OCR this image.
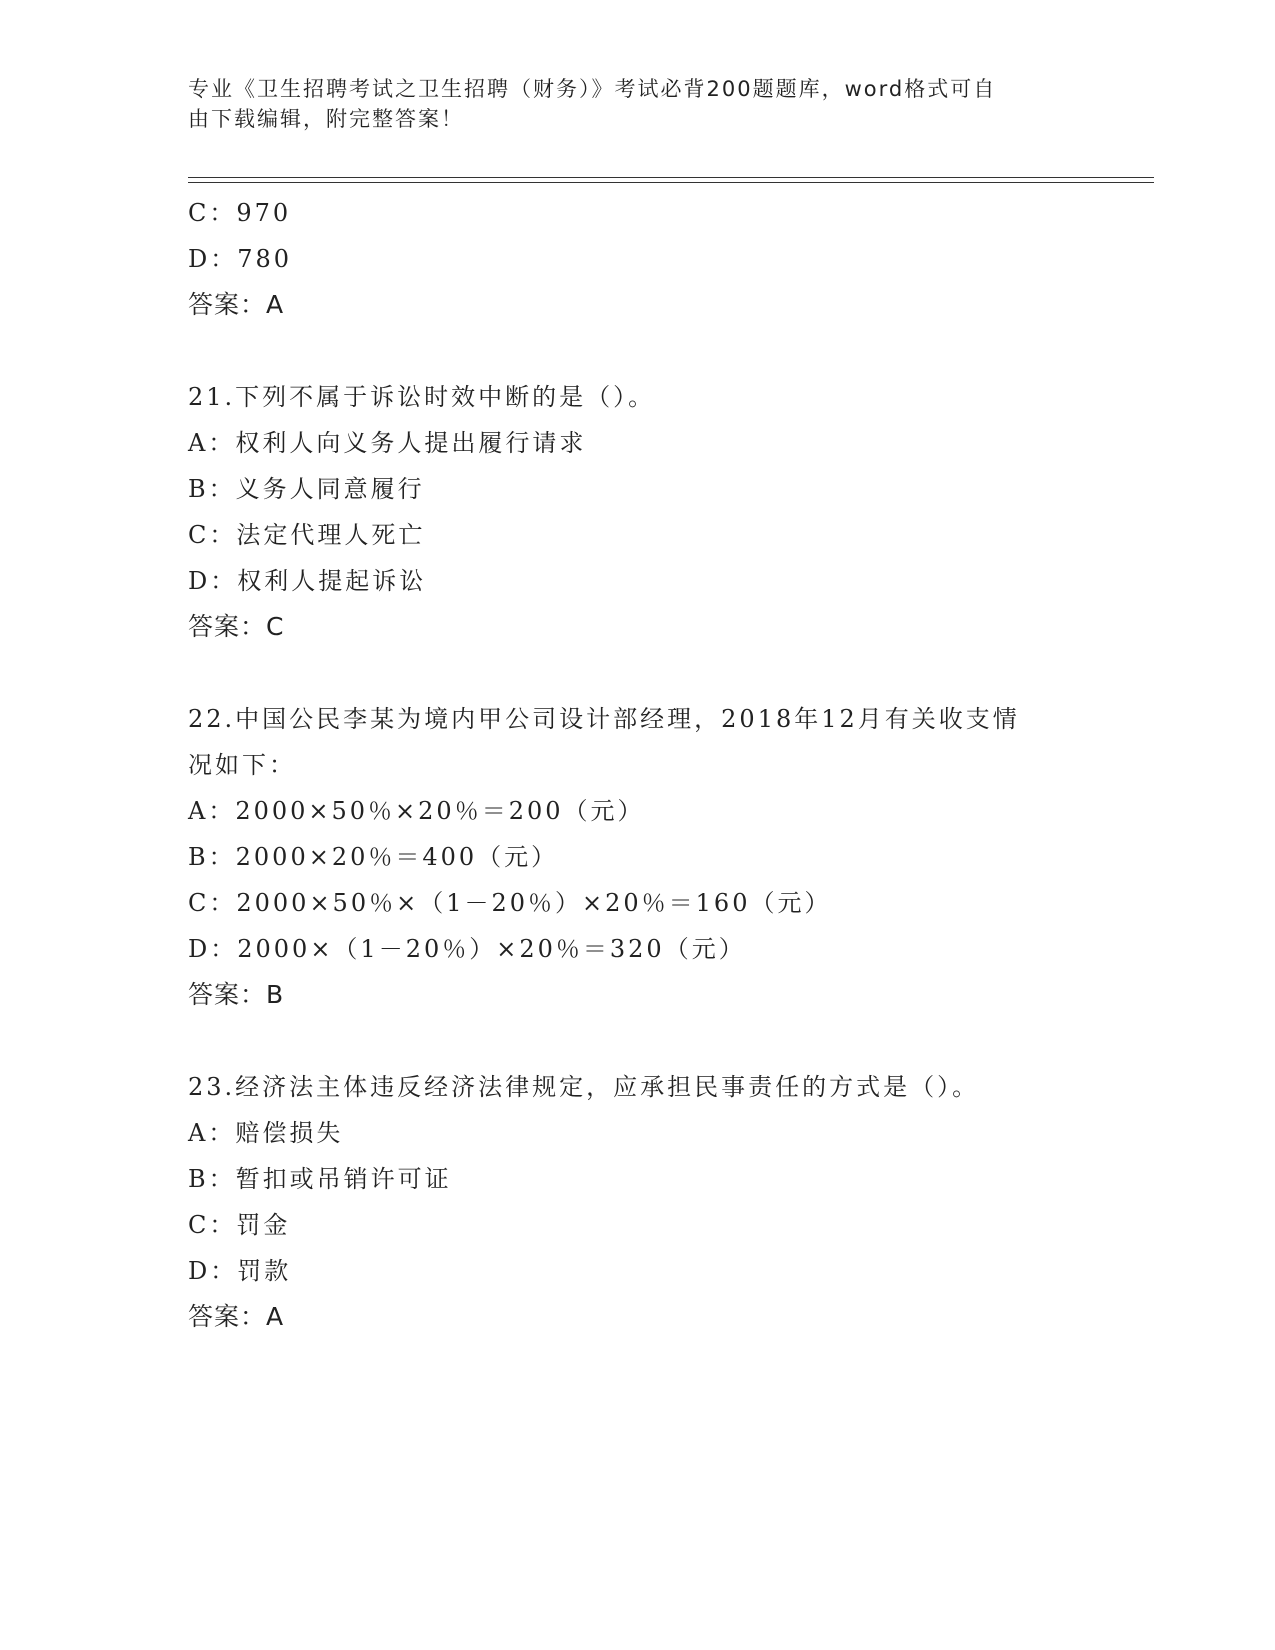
专业《卫生招聘考试之卫生招聘（财务）》考试必背200题题库，word格式可自
由下载编辑，附完整答案！
C：970
D：780
答案：A
21.下列不属于诉讼时效中断的是（）。
A：权利人向义务人提出履行请求
B：义务人同意履行
C：法定代理人死亡
D：权利人提起诉讼
答案：C
22.中国公民李某为境内甲公司设计部经理，2018年12月有关收支情
况如下：
A：2000×50％×20％＝200（元）
B：2000×20％＝400（元）
C：2000×50％×（1－20％）×20％＝160（元）
D：2000×（1－20％）×20％＝320（元）
答案：B
23.经济法主体违反经济法律规定，应承担民事责任的方式是（）。
A：赔偿损失
B：暂扣或吊销许可证
C：罚金
D：罚款
答案：A
